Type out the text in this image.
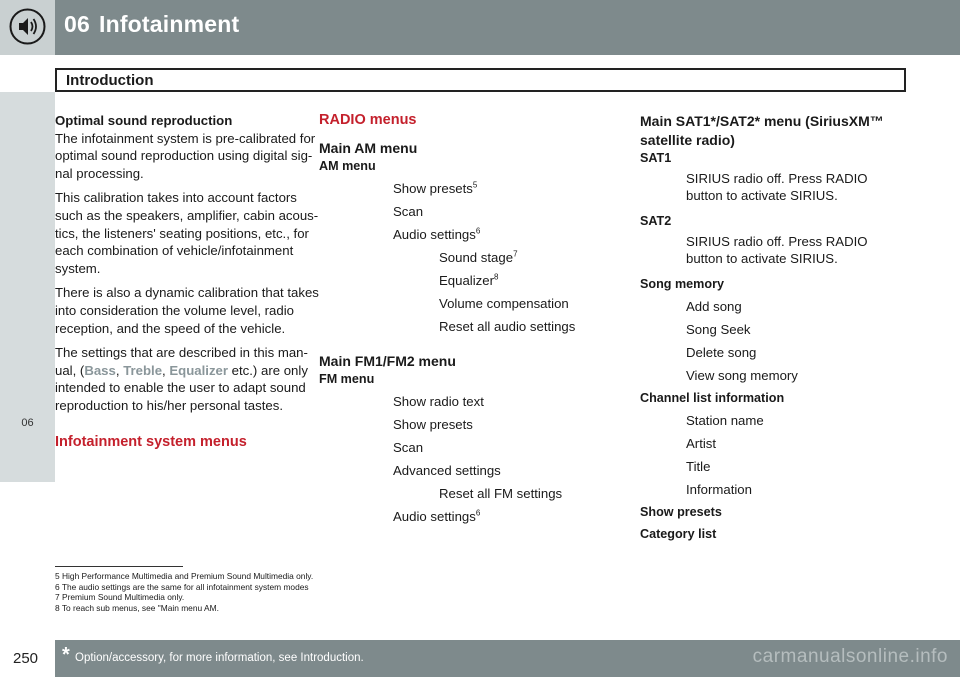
06 Infotainment
Introduction
06
Optimal sound reproduction

The infotainment system is pre-calibrated for optimal sound reproduction using digital sig-nal processing.

This calibration takes into account factors such as the speakers, amplifier, cabin acous-tics, the listeners' seating positions, etc., for each combination of vehicle/infotainment system.

There is also a dynamic calibration that takes into consideration the volume level, radio reception, and the speed of the vehicle.

The settings that are described in this man-ual, (Bass, Treble, Equalizer etc.) are only intended to enable the user to adapt sound reproduction to his/her personal tastes.

Infotainment system menus
RADIO menus
Main AM menu
AM menu
Show presets$^5$
Scan
Audio settings$^6$
Sound stage$^7$
Equalizer$^8$
Volume compensation
Reset all audio settings
Main FM1/FM2 menu
FM menu
Show radio text
Show presets
Scan
Advanced settings
Reset all FM settings
Audio settings$^6$
Main SAT1*/SAT2* menu (SiriusXM™ satellite radio)
SAT1
SIRIUS radio off. Press RADIO button to activate SIRIUS.
SAT2
SIRIUS radio off. Press RADIO button to activate SIRIUS.
Song memory
Add song
Song Seek
Delete song
View song memory
Channel list information
Station name
Artist
Title
Information
Show presets
Category list
5 High Performance Multimedia and Premium Sound Multimedia only.
6 The audio settings are the same for all infotainment system modes
7 Premium Sound Multimedia only.
8 To reach sub menus, see "Main menu AM.
250 * Option/accessory, for more information, see Introduction.	carmanualsonline.info
